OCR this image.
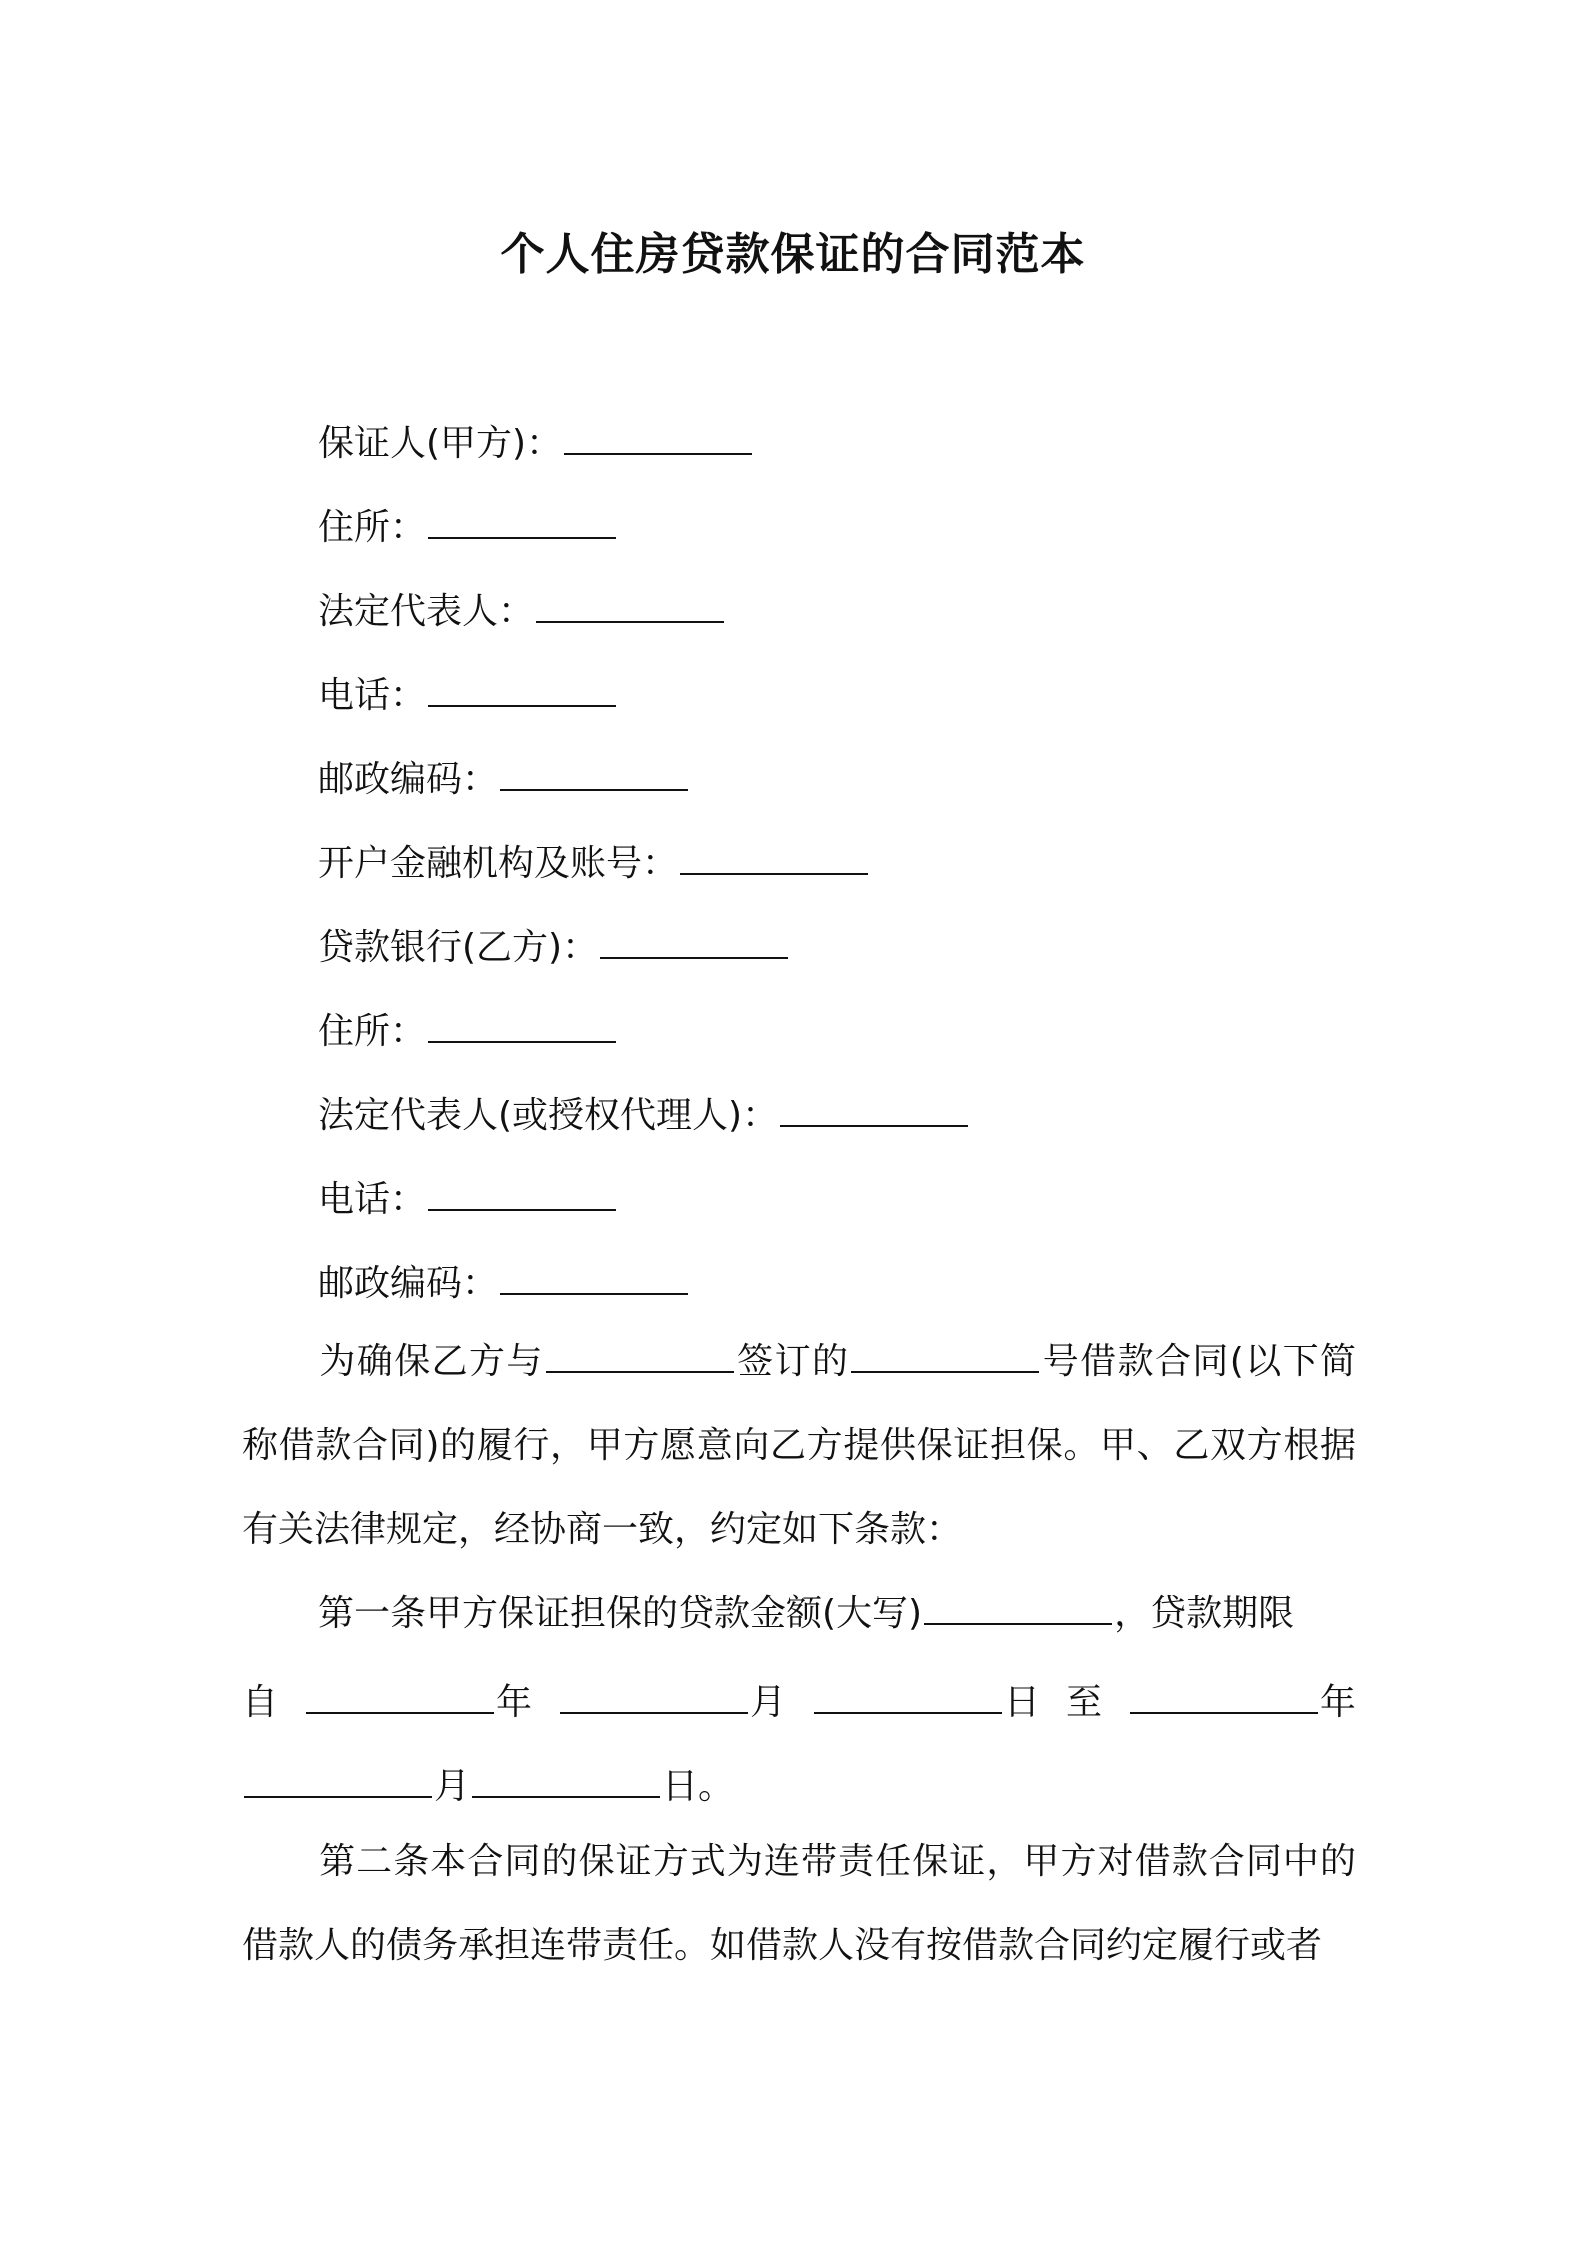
个人住房贷款保证的合同范本
保证人(甲方)：
住所：
法定代表人：
电话：
邮政编码：
开户金融机构及账号：
贷款银行(乙方)：
住所：
法定代表人(或授权代理人)：
电话：
邮政编码：
为确保乙方与	签订的	号借款合同(以下简称借款合同)的履行，甲方愿意向乙方提供保证担保。甲、乙双方根据有关法律规定，经协商一致，约定如下条款：
第一条甲方保证担保的贷款金额(大写)	，贷款期限
自	年	月	日 至	年
月	日。
第二条本合同的保证方式为连带责任保证，甲方对借款合同中的借款人的债务承担连带责任。如借款人没有按借款合同约定履行或者
